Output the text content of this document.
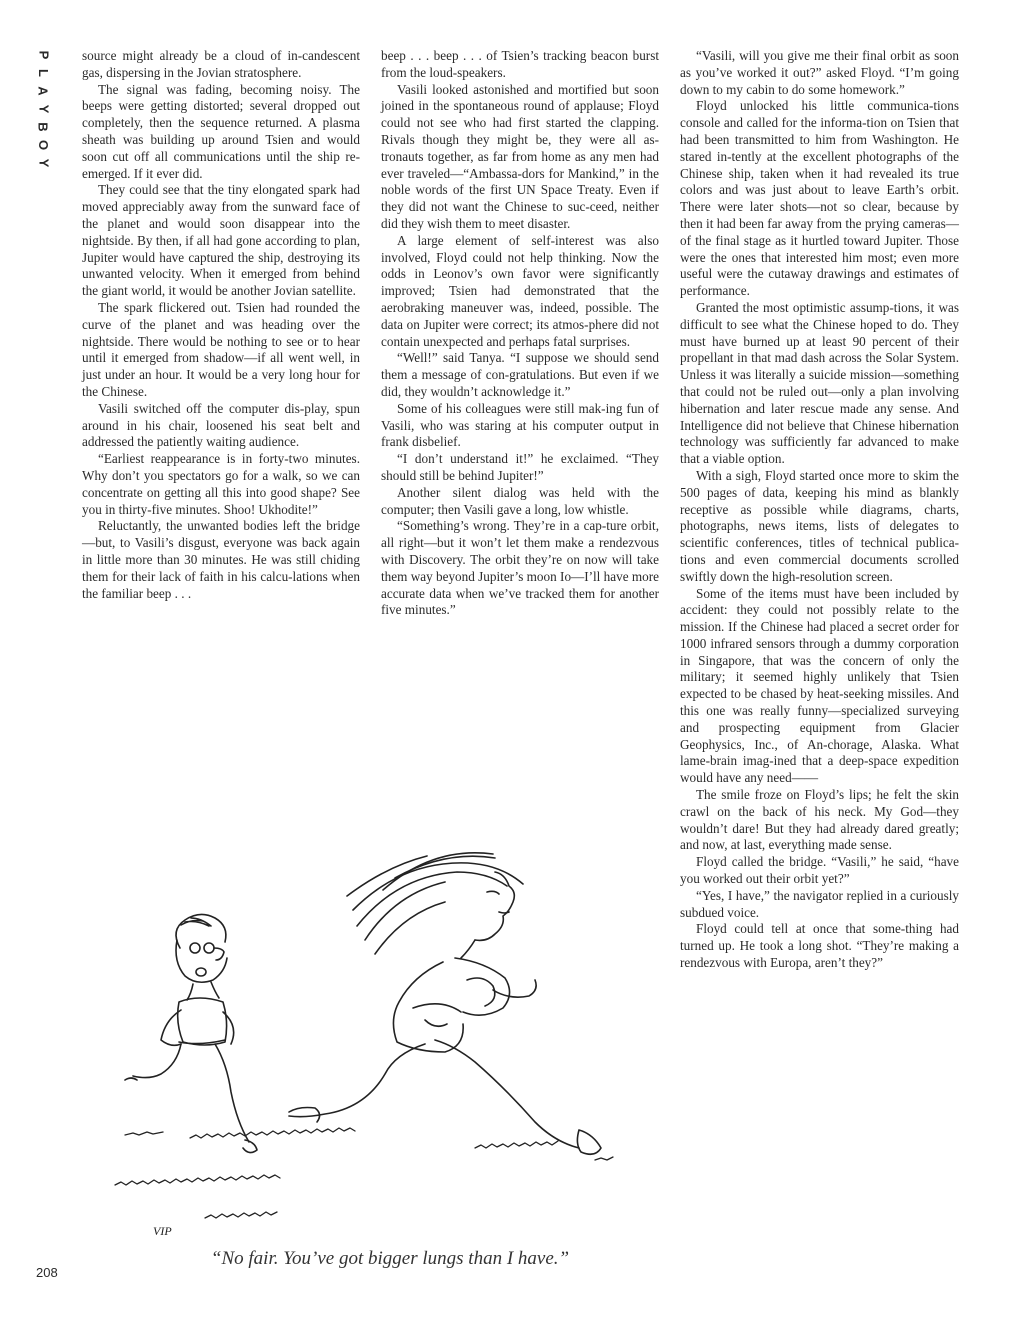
P
L
A
Y
B
O
Y

source might already be a cloud of in-candescent gas, dispersing in the Jovian stratosphere.

The signal was fading, becoming noisy. The beeps were getting distorted; several dropped out completely, then the sequence returned. A plasma sheath was building up around Tsien and would soon cut off all communications until the ship re-emerged. If it ever did.

They could see that the tiny elongated spark had moved appreciably away from the sunward face of the planet and would soon disappear into the nightside. By then, if all had gone according to plan, Jupiter would have captured the ship, destroying its unwanted velocity. When it emerged from behind the giant world, it would be another Jovian satellite.

The spark flickered out. Tsien had rounded the curve of the planet and was heading over the nightside. There would be nothing to see or to hear until it emerged from shadow—if all went well, in just under an hour. It would be a very long hour for the Chinese.

Vasili switched off the computer dis-play, spun around in his chair, loosened his seat belt and addressed the patiently waiting audience.

“Earliest reappearance is in forty-two minutes. Why don’t you spectators go for a walk, so we can concentrate on getting all this into good shape? See you in thirty-five minutes. Shoo! Ukhodite!”

Reluctantly, the unwanted bodies left the bridge—but, to Vasili’s disgust, everyone was back again in little more than 30 minutes. He was still chiding them for their lack of faith in his calcu-lations when the familiar beep . . .

beep . . . beep . . . of Tsien’s tracking beacon burst from the loud-speakers.

Vasili looked astonished and mortified but soon joined in the spontaneous round of applause; Floyd could not see who had first started the clapping. Rivals though they might be, they were all as-tronauts together, as far from home as any men had ever traveled—“Ambassa-dors for Mankind,” in the noble words of the first UN Space Treaty. Even if they did not want the Chinese to suc-ceed, neither did they wish them to meet disaster.

A large element of self-interest was also involved, Floyd could not help thinking. Now the odds in Leonov’s own favor were significantly improved; Tsien had demonstrated that the aerobraking maneuver was, indeed, possible. The data on Jupiter were correct; its atmos-phere did not contain unexpected and perhaps fatal surprises.

“Well!” said Tanya. “I suppose we should send them a message of con-gratulations. But even if we did, they wouldn’t acknowledge it.”

Some of his colleagues were still mak-ing fun of Vasili, who was staring at his computer output in frank disbelief.

“I don’t understand it!” he exclaimed. “They should still be behind Jupiter!”

Another silent dialog was held with the computer; then Vasili gave a long, low whistle.

“Something’s wrong. They’re in a cap-ture orbit, all right—but it won’t let them make a rendezvous with Discovery. The orbit they’re on now will take them way beyond Jupiter’s moon Io—I’ll have more accurate data when we’ve tracked them for another five minutes.”

“Vasili, will you give me their final orbit as soon as you’ve worked it out?” asked Floyd. “I’m going down to my cabin to do some homework.”

Floyd unlocked his little communica-tions console and called for the informa-tion on Tsien that had been transmitted to him from Washington. He stared in-tently at the excellent photographs of the Chinese ship, taken when it had revealed its true colors and was just about to leave Earth’s orbit. There were later shots—not so clear, because by then it had been far away from the prying cameras—of the final stage as it hurtled toward Jupiter. Those were the ones that interested him most; even more useful were the cutaway drawings and estimates of performance.

Granted the most optimistic assump-tions, it was difficult to see what the Chinese hoped to do. They must have burned up at least 90 percent of their propellant in that mad dash across the Solar System. Unless it was literally a suicide mission—something that could not be ruled out—only a plan involving hibernation and later rescue made any sense. And Intelligence did not believe that Chinese hibernation technology was sufficiently far advanced to make that a viable option.

With a sigh, Floyd started once more to skim the 500 pages of data, keeping his mind as blankly receptive as possible while diagrams, charts, photographs, news items, lists of delegates to scientific conferences, titles of technical publica-tions and even commercial documents scrolled swiftly down the high-resolution screen.

Some of the items must have been included by accident: they could not possibly relate to the mission. If the Chinese had placed a secret order for 1000 infrared sensors through a dummy corporation in Singapore, that was the concern of only the military; it seemed highly unlikely that Tsien expected to be chased by heat-seeking missiles. And this one was really funny—specialized surveying and prospecting equipment from Glacier Geophysics, Inc., of An-chorage, Alaska. What lame-brain imag-ined that a deep-space expedition would have any need——

The smile froze on Floyd’s lips; he felt the skin crawl on the back of his neck. My God—they wouldn’t dare! But they had already dared greatly; and now, at last, everything made sense.

Floyd called the bridge. “Vasili,” he said, “have you worked out their orbit yet?”

“Yes, I have,” the navigator replied in a curiously subdued voice.

Floyd could tell at once that some-thing had turned up. He took a long shot. “They’re making a rendezvous with Europa, aren’t they?”

VIP
“No fair. You’ve got bigger lungs than I have.”
208
